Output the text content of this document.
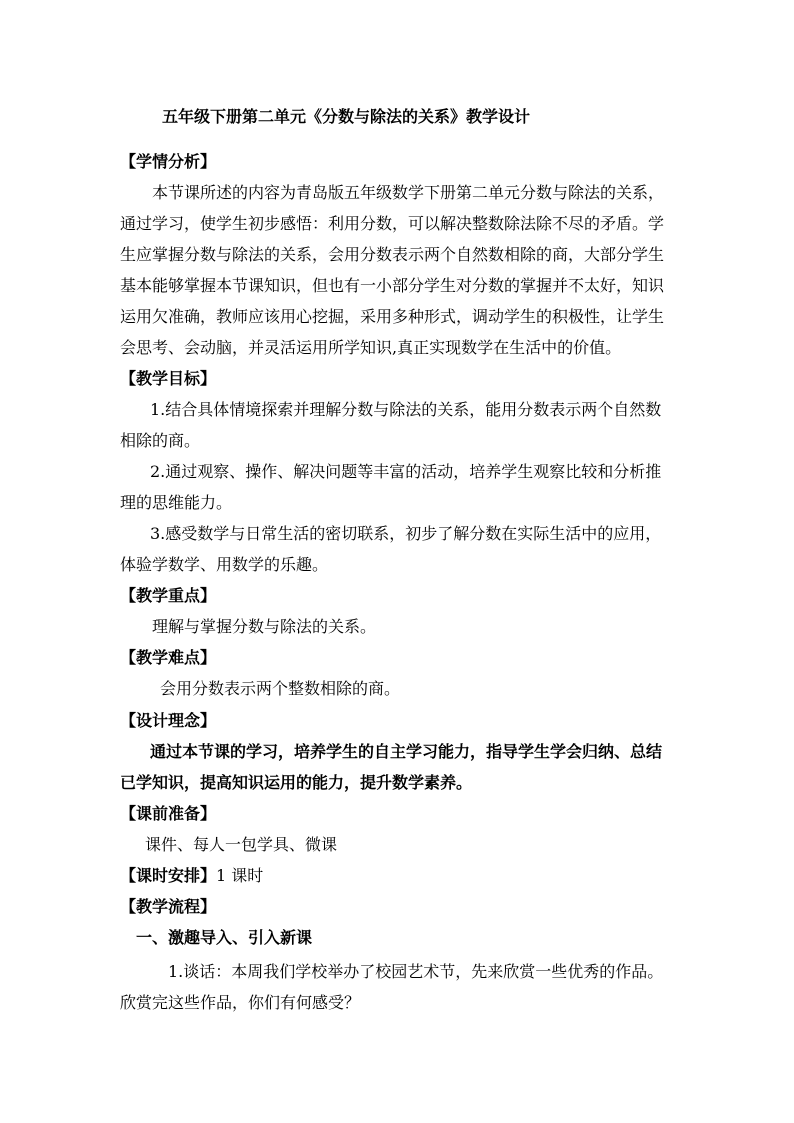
五年级下册第二单元《分数与除法的关系》教学设计
【学情分析】
本节课所述的内容为青岛版五年级数学下册第二单元分数与除法的关系，
通过学习，使学生初步感悟：利用分数，可以解决整数除法除不尽的矛盾。学
生应掌握分数与除法的关系，会用分数表示两个自然数相除的商，大部分学生
基本能够掌握本节课知识，但也有一小部分学生对分数的掌握并不太好，知识
运用欠准确，教师应该用心挖掘，采用多种形式，调动学生的积极性，让学生
会思考、会动脑，并灵活运用所学知识,真正实现数学在生活中的价值。
【教学目标】
1.结合具体情境探索并理解分数与除法的关系，能用分数表示两个自然数
相除的商。
2.通过观察、操作、解决问题等丰富的活动，培养学生观察比较和分析推
理的思维能力。
3.感受数学与日常生活的密切联系，初步了解分数在实际生活中的应用，
体验学数学、用数学的乐趣。
【教学重点】
理解与掌握分数与除法的关系。
【教学难点】
会用分数表示两个整数相除的商。
【设计理念】
通过本节课的学习，培养学生的自主学习能力，指导学生学会归纳、总结
已学知识，提高知识运用的能力，提升数学素养。
【课前准备】
课件、每人一包学具、微课
【课时安排】1 课时
【教学流程】
一、激趣导入、引入新课
1.谈话：本周我们学校举办了校园艺术节，先来欣赏一些优秀的作品。
欣赏完这些作品，你们有何感受？
